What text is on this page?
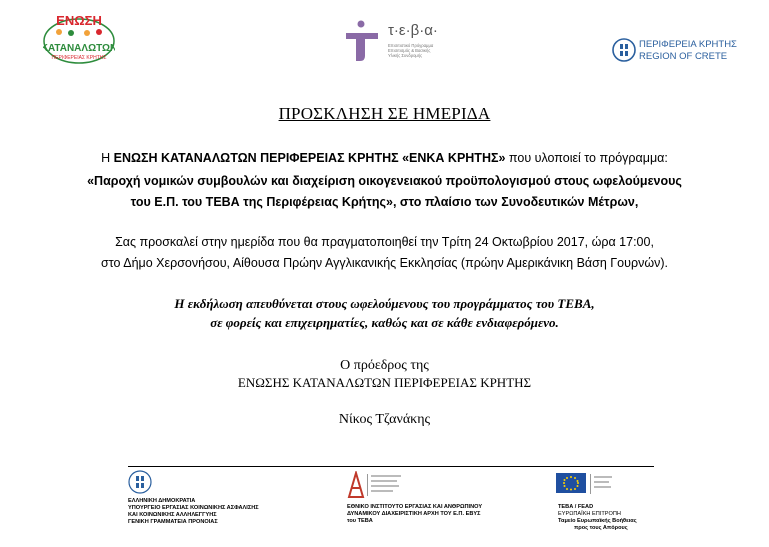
ΕΝΩΣΗ
ΚΑΤΑΝΑΛΩΤΩΝ
ΠΕΡΙΦΕΡΕΙΑΣ ΚΡΗΤΗΣ
τ·ε·β·α·
Επισιτιστικό Πρόγραμμα
Επισιτισμός & Βασικής
Υλικής Συνδρομής
ΠΕΡΙΦΕΡΕΙΑ ΚΡΗΤΗΣ
REGION OF CRETE
ΠΡΟΣΚΛΗΣΗ ΣΕ ΗΜΕΡΙΔΑ
Η ΕΝΩΣΗ ΚΑΤΑΝΑΛΩΤΩΝ ΠΕΡΙΦΕΡΕΙΑΣ ΚΡΗΤΗΣ «ΕΝΚΑ ΚΡΗΤΗΣ» που υλοποιεί το πρόγραμμα:
«Παροχή νομικών συμβουλών και διαχείριση οικογενειακού προϋπολογισμού στους ωφελούμενους
του Ε.Π. του ΤΕΒΑ της Περιφέρειας Κρήτης», στο πλαίσιο των Συνοδευτικών Μέτρων,
Σας προσκαλεί στην ημερίδα που θα πραγματοποιηθεί την Τρίτη 24 Οκτωβρίου 2017, ώρα 17:00,
στο Δήμο Χερσονήσου, Αίθουσα Πρώην Αγγλικανικής Εκκλησίας (πρώην Αμερικάνικη Βάση Γουρνών).
Η εκδήλωση απευθύνεται στους ωφελούμενους του προγράμματος του ΤΕΒΑ,
σε φορείς και επιχειρηματίες, καθώς και σε κάθε ενδιαφερόμενο.
Ο πρόεδρος της
ΕΝΩΣΗΣ ΚΑΤΑΝΑΛΩΤΩΝ ΠΕΡΙΦΕΡΕΙΑΣ ΚΡΗΤΗΣ
Νίκος Τζανάκης
ΕΛΛΗΝΙΚΗ ΔΗΜΟΚΡΑΤΙΑ
ΥΠΟΥΡΓΕΙΟ ΕΡΓΑΣΙΑΣ ΚΟΙΝΩΝΙΚΗΣ ΑΣΦΑΛΙΣΗΣ
ΚΑΙ ΚΟΙΝΩΝΙΚΗΣ ΑΛΛΗΛΕΓΓΥΗΣ
ΓΕΝΙΚΗ ΓΡΑΜΜΑΤΕΙΑ ΠΡΟΝΟΙΑΣ
ΕΘΝΙΚΟ ΙΝΣΤΙΤΟΥΤΟ ΕΡΓΑΣΙΑΣ ΚΑΙ ΑΝΘΡΩΠΙΝΟΥ
ΔΥΝΑΜΙΚΟΥ ΔΙΑΧΕΙΡΙΣΤΙΚΗ ΑΡΧΗ ΤΟΥ Ε.Π. ΕΒΥΣ
του ΤΕΒΑ
ΤΕΒΑ / FEAD
ΕΥΡΩΠΑΪΚΗ ΕΠΙΤΡΟΠΗ
Ταμείο Ευρωπαϊκής Βοήθειας
προς τους Απόρους
